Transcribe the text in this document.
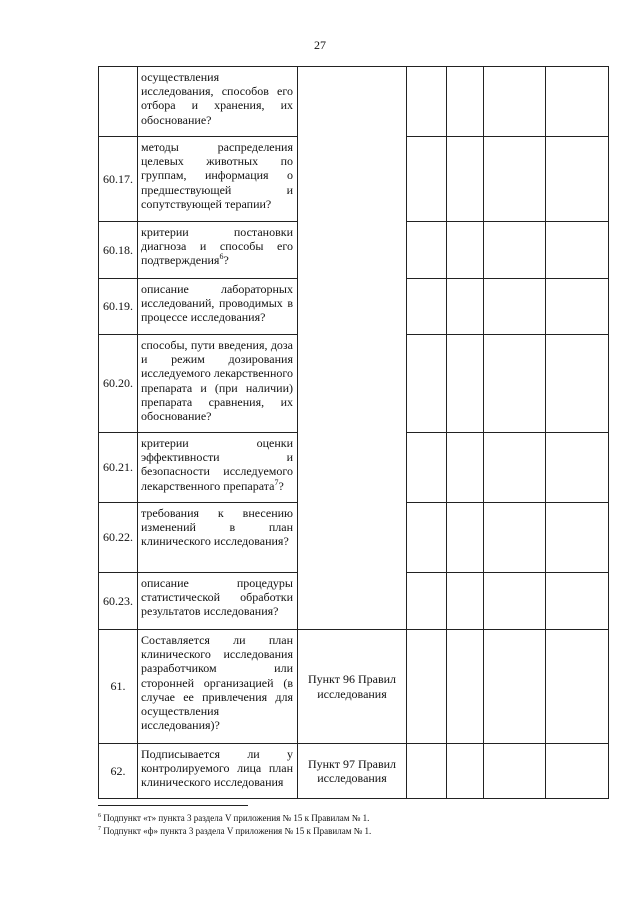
27
	осуществления исследования, способов его отбора и хранения, их обоснование?					
60.17.	методы распределения целевых животных по группам, информация о предшествующей и сопутствующей терапии?					
60.18.	критерии постановки диагноза и способы его подтверждения$^6$?					
60.19.	описание лабораторных исследований, проводимых в процессе исследования?					
60.20.	способы, пути введения, доза и режим дозирования исследуемого лекарственного препарата и (при наличии) препарата сравнения, их обоснование?					
60.21.	критерии оценки эффективности и безопасности исследуемого лекарственного препарата$^7$?					
60.22.	требования к внесению изменений в план клинического исследования?					
60.23.	описание процедуры статистической обработки результатов исследования?					
61.	Составляется ли план клинического исследования разработчиком или сторонней организацией (в случае ее привлечения для осуществления исследования)?	Пункт 96 Правил исследования				
62.	Подписывается ли у контролируемого лица план клинического исследования	Пункт 97 Правил исследования				
$^6$ Подпункт «т» пункта 3 раздела V приложения № 15 к Правилам № 1.
$^7$ Подпункт «ф» пункта 3 раздела V приложения № 15 к Правилам № 1.
